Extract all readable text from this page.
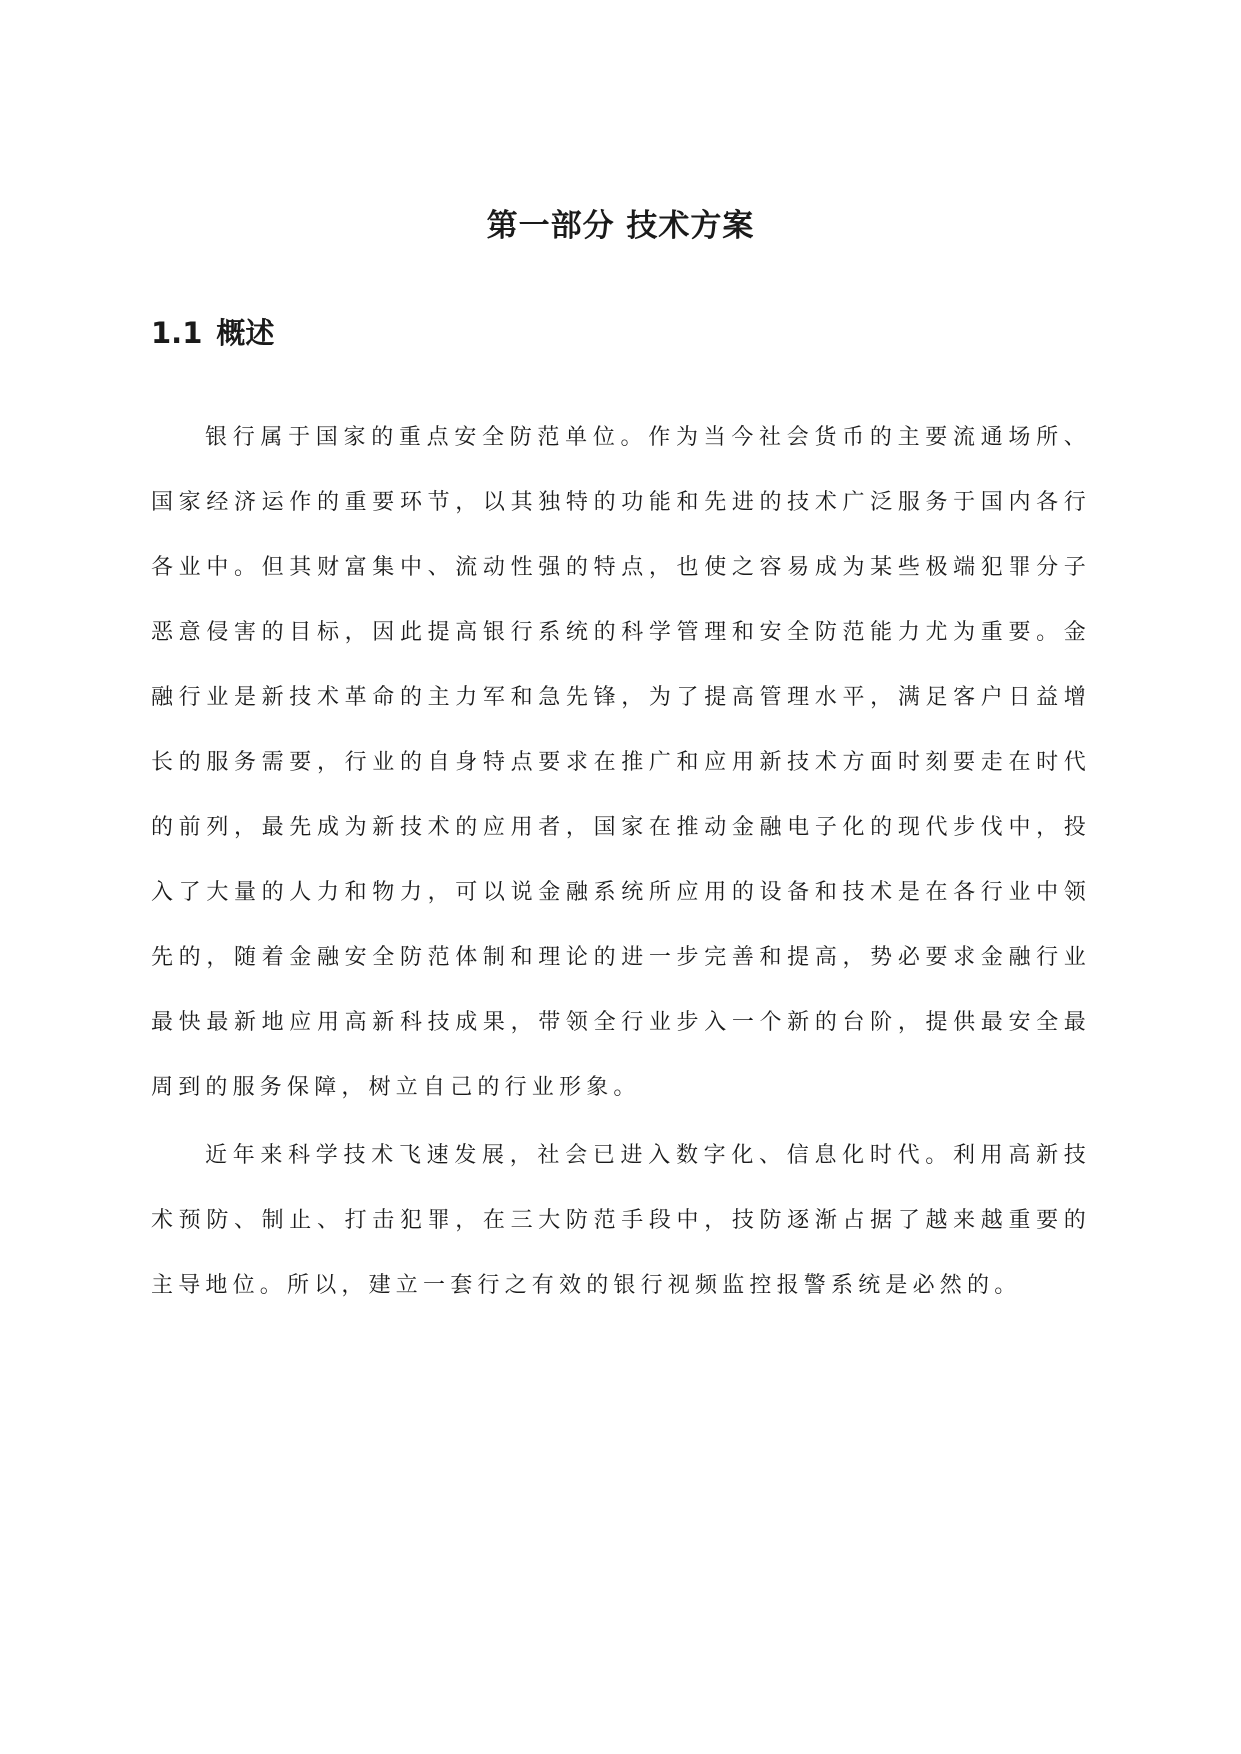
第一部分 技术方案
1.1 概述

银行属于国家的重点安全防范单位。作为当今社会货币的主要流通场所、国家经济运作的重要环节，以其独特的功能和先进的技术广泛服务于国内各行各业中。但其财富集中、流动性强的特点，也使之容易成为某些极端犯罪分子恶意侵害的目标，因此提高银行系统的科学管理和安全防范能力尤为重要。金融行业是新技术革命的主力军和急先锋，为了提高管理水平，满足客户日益增长的服务需要，行业的自身特点要求在推广和应用新技术方面时刻要走在时代的前列，最先成为新技术的应用者，国家在推动金融电子化的现代步伐中，投入了大量的人力和物力，可以说金融系统所应用的设备和技术是在各行业中领先的，随着金融安全防范体制和理论的进一步完善和提高，势必要求金融行业最快最新地应用高新科技成果，带领全行业步入一个新的台阶，提供最安全最周到的服务保障，树立自己的行业形象。

近年来科学技术飞速发展，社会已进入数字化、信息化时代。利用高新技术预防、制止、打击犯罪，在三大防范手段中，技防逐渐占据了越来越重要的主导地位。所以，建立一套行之有效的银行视频监控报警系统是必然的。
